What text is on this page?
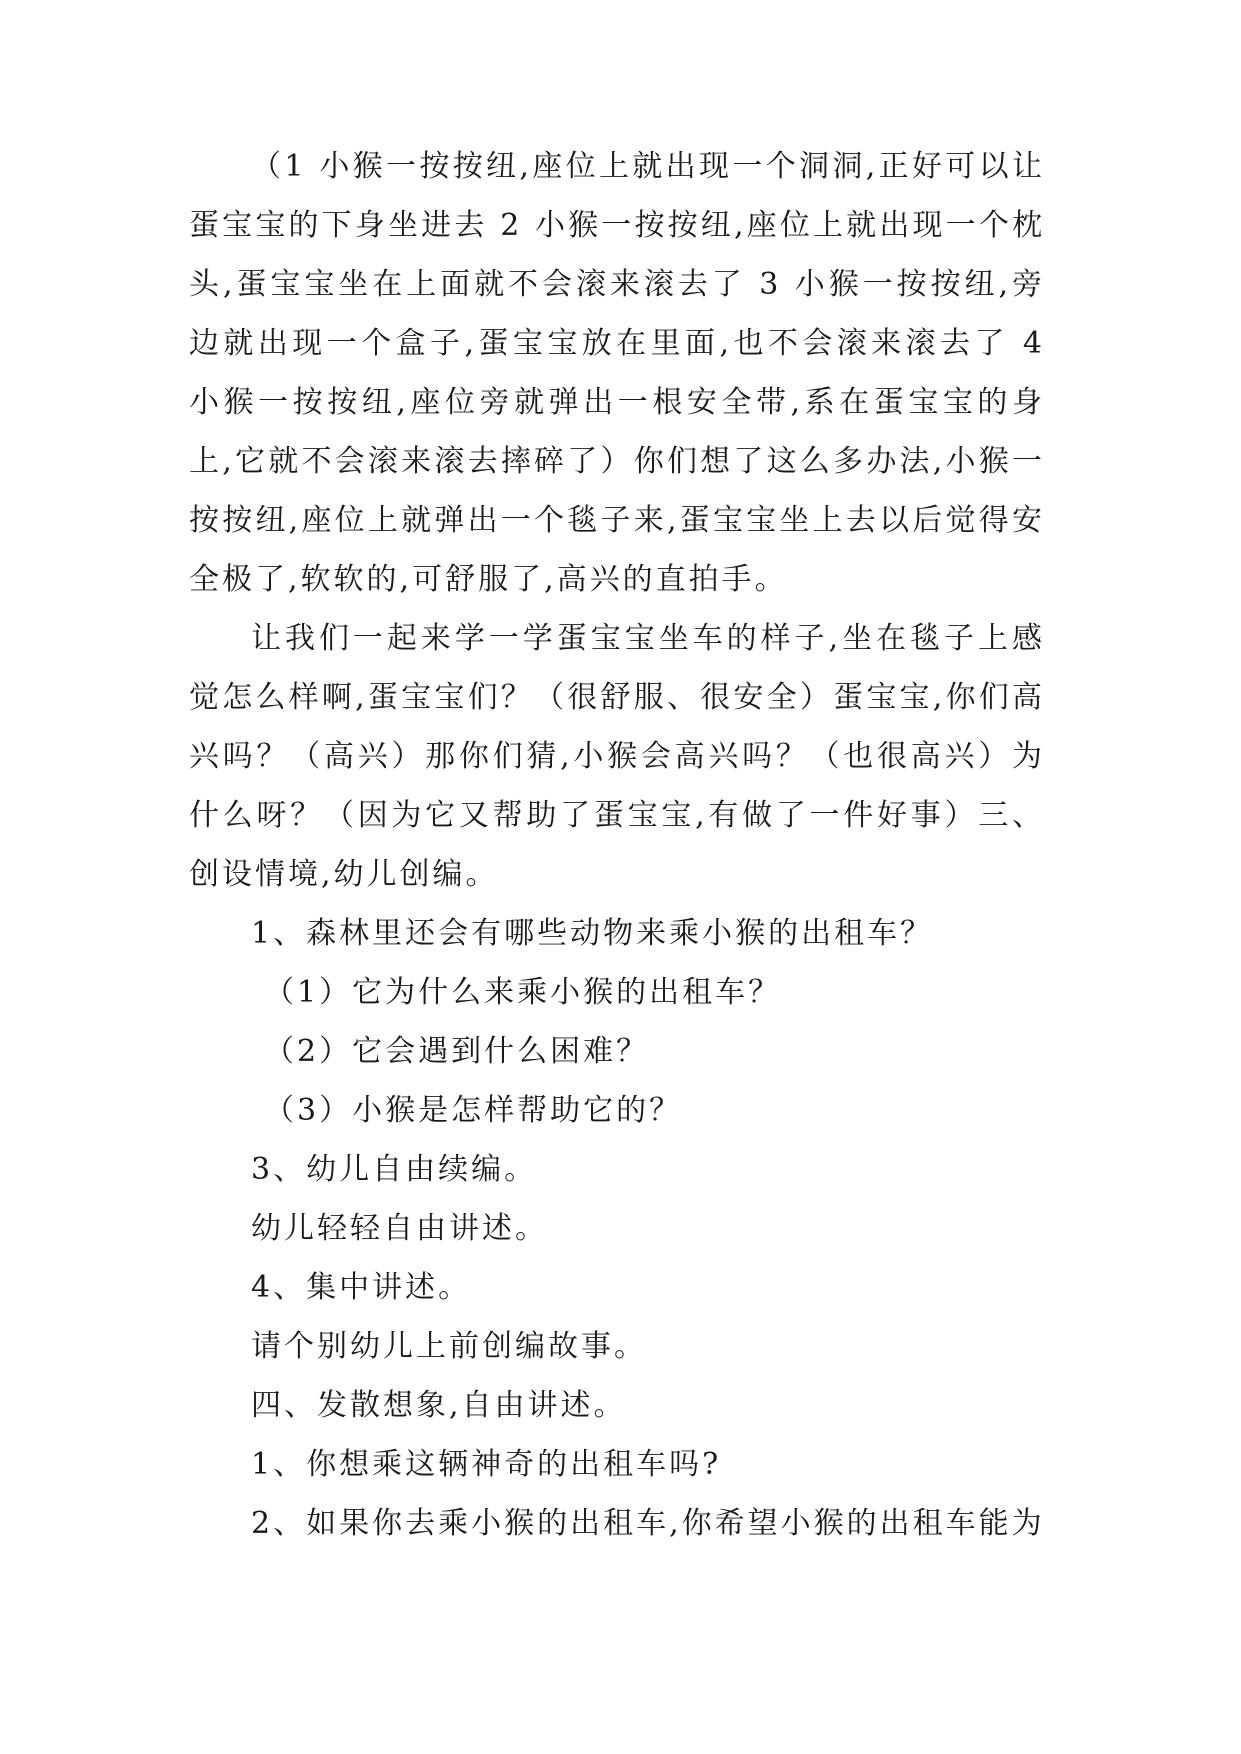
（1 小猴一按按纽,座位上就出现一个洞洞,正好可以让蛋宝宝的下身坐进去 2 小猴一按按纽,座位上就出现一个枕头,蛋宝宝坐在上面就不会滚来滚去了 3 小猴一按按纽,旁边就出现一个盒子,蛋宝宝放在里面,也不会滚来滚去了 4 小猴一按按纽,座位旁就弹出一根安全带,系在蛋宝宝的身上,它就不会滚来滚去摔碎了）你们想了这么多办法,小猴一按按纽,座位上就弹出一个毯子来,蛋宝宝坐上去以后觉得安全极了,软软的,可舒服了,高兴的直拍手。

让我们一起来学一学蛋宝宝坐车的样子,坐在毯子上感觉怎么样啊,蛋宝宝们？（很舒服、很安全）蛋宝宝,你们高兴吗？（高兴）那你们猜,小猴会高兴吗？（也很高兴）为什么呀？（因为它又帮助了蛋宝宝,有做了一件好事）三、创设情境,幼儿创编。

1、森林里还会有哪些动物来乘小猴的出租车？

（1）它为什么来乘小猴的出租车？

（2）它会遇到什么困难？

（3）小猴是怎样帮助它的？

3、幼儿自由续编。

幼儿轻轻自由讲述。

4、集中讲述。

请个别幼儿上前创编故事。

四、发散想象,自由讲述。

1、你想乘这辆神奇的出租车吗?

2、如果你去乘小猴的出租车,你希望小猴的出租车能为
